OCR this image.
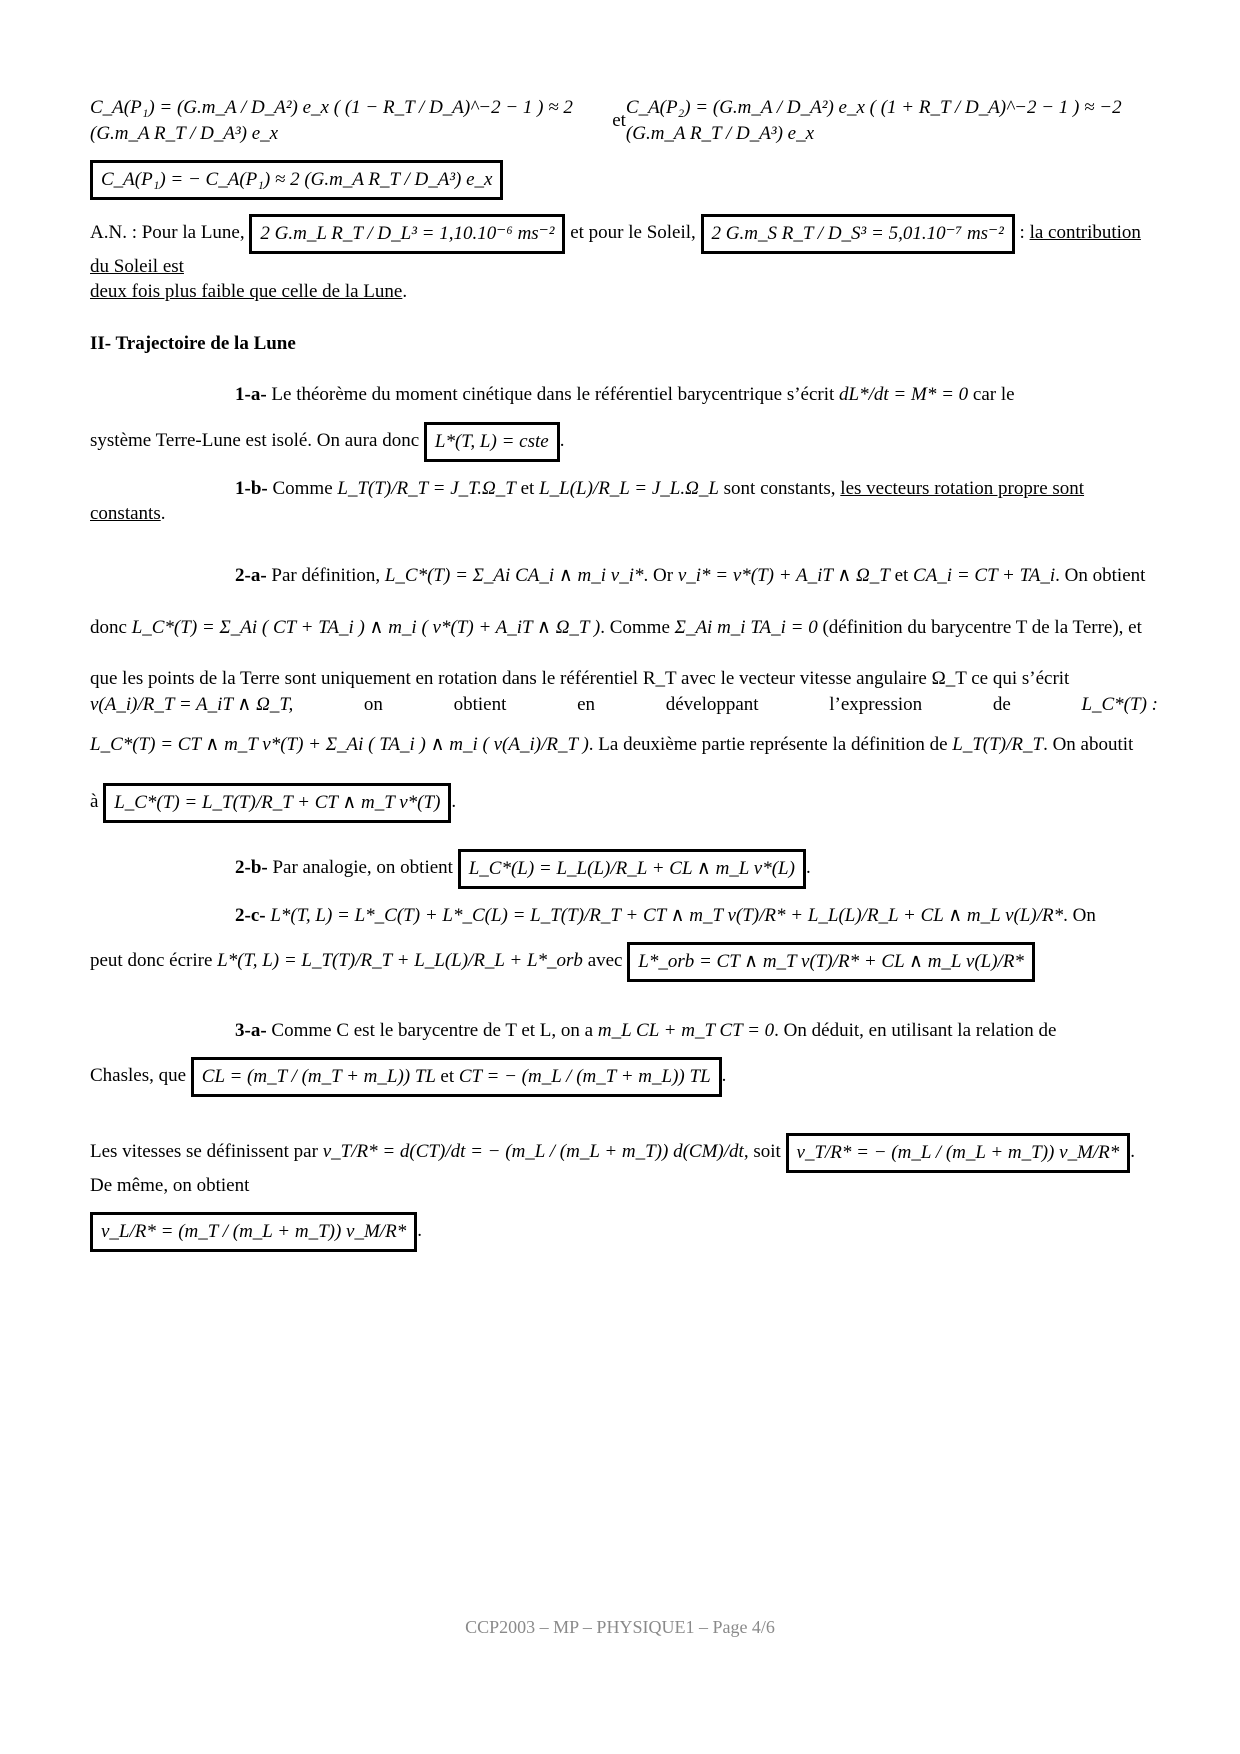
C_A(P₁) = (G.m_A / D_A²) e_x ( (1 − R_T / D_A)^−2 − 1 ) ≈ 2 (G.m_A R_T / D_A³) e_x
et
C_A(P₂) = (G.m_A / D_A²) e_x ( (1 + R_T / D_A)^−2 − 1 ) ≈ −2 (G.m_A R_T / D_A³) e_x
C_A(P₁) = − C_A(P₁) ≈ 2 (G.m_A R_T / D_A³) e_x
A.N. : Pour la Lune, 2 G.m_L R_T / D_L³ = 1,10.10⁻⁶ ms⁻² et pour le Soleil, 2 G.m_S R_T / D_S³ = 5,01.10⁻⁷ ms⁻² : la contribution du Soleil est
deux fois plus faible que celle de la Lune.
II- Trajectoire de la Lune
1-a- Le théorème du moment cinétique dans le référentiel barycentrique s’écrit dL*/dt = M* = 0 car le
système Terre-Lune est isolé. On aura donc L*(T, L) = cste .
1-b- Comme L_T(T)/R_T = J_T.Ω_T et L_L(L)/R_L = J_L.Ω_L sont constants, les vecteurs rotation propre sont
constants.
2-a- Par définition, L_C*(T) = Σ_Ai CA_i ∧ m_i v_i*. Or v_i* = v*(T) + A_iT ∧ Ω_T et CA_i = CT + TA_i. On obtient
donc L_C*(T) = Σ_Ai ( CT + TA_i ) ∧ m_i ( v*(T) + A_iT ∧ Ω_T ). Comme Σ_Ai m_i TA_i = 0 (définition du barycentre T de la Terre), et
que les points de la Terre sont uniquement en rotation dans le référentiel R_T avec le vecteur vitesse angulaire Ω_T ce qui s’écrit
v(A_i)/R_T = A_iT ∧ Ω_T,	on	obtient	en	développant	l’expression	de	L_C*(T) :
L_C*(T) = CT ∧ m_T v*(T) + Σ_Ai ( TA_i ) ∧ m_i ( v(A_i)/R_T ). La deuxième partie représente la définition de L_T(T)/R_T. On aboutit
à L_C*(T) = L_T(T)/R_T + CT ∧ m_T v*(T) .
2-b- Par analogie, on obtient L_C*(L) = L_L(L)/R_L + CL ∧ m_L v*(L) .
2-c- L*(T, L) = L*_C(T) + L*_C(L) = L_T(T)/R_T + CT ∧ m_T v(T)/R* + L_L(L)/R_L + CL ∧ m_L v(L)/R*. On
peut donc écrire L*(T, L) = L_T(T)/R_T + L_L(L)/R_L + L*_orb avec L*_orb = CT ∧ m_T v(T)/R* + CL ∧ m_L v(L)/R*
3-a- Comme C est le barycentre de T et L, on a m_L CL + m_T CT = 0. On déduit, en utilisant la relation de
Chasles, que CL = (m_T / (m_T + m_L)) TL et CT = − (m_L / (m_T + m_L)) TL .
Les vitesses se définissent par v_T/R* = d(CT)/dt = − (m_L / (m_L + m_T)) d(CM)/dt, soit v_T/R* = − (m_L / (m_L + m_T)) v_M/R* . De même, on obtient
v_L/R* = (m_T / (m_L + m_T)) v_M/R* .
CCP2003 – MP – PHYSIQUE1 – Page 4/6
